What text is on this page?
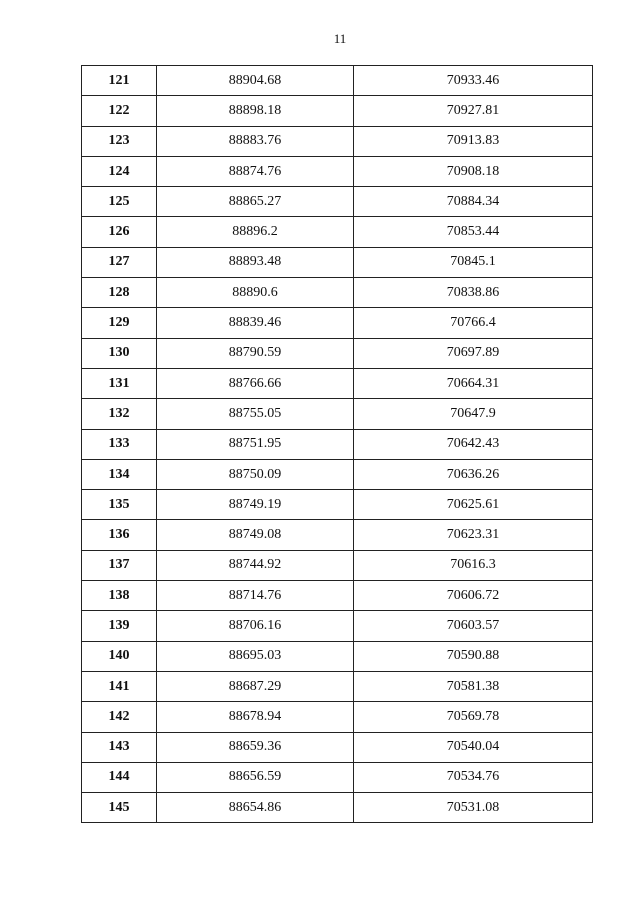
11
121	88904.68	70933.46
122	88898.18	70927.81
123	88883.76	70913.83
124	88874.76	70908.18
125	88865.27	70884.34
126	88896.2	70853.44
127	88893.48	70845.1
128	88890.6	70838.86
129	88839.46	70766.4
130	88790.59	70697.89
131	88766.66	70664.31
132	88755.05	70647.9
133	88751.95	70642.43
134	88750.09	70636.26
135	88749.19	70625.61
136	88749.08	70623.31
137	88744.92	70616.3
138	88714.76	70606.72
139	88706.16	70603.57
140	88695.03	70590.88
141	88687.29	70581.38
142	88678.94	70569.78
143	88659.36	70540.04
144	88656.59	70534.76
145	88654.86	70531.08
